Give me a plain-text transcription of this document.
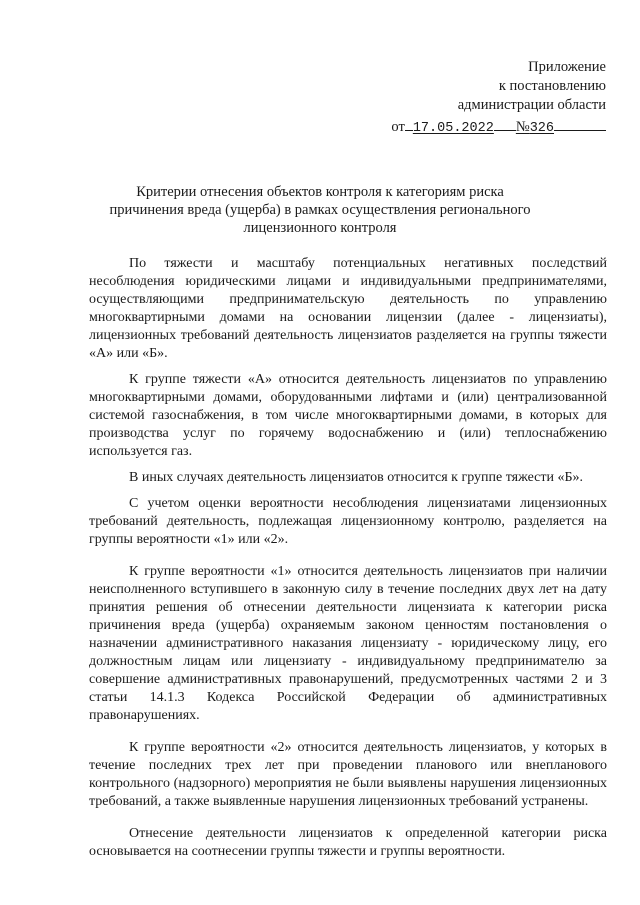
Приложение
к постановлению
администрации области
от 17.05.2022 №326
Критерии отнесения объектов контроля к категориям риска
причинения вреда (ущерба) в рамках осуществления регионального
лицензионного контроля

По тяжести и масштабу потенциальных негативных последствий несоблюдения юридическими лицами и индивидуальными предпринимателями, осуществляющими предпринимательскую деятельность по управлению многоквартирными домами на основании лицензии (далее - лицензиаты), лицензионных требований деятельность лицензиатов разделяется на группы тяжести «А» или «Б».

К группе тяжести «А» относится деятельность лицензиатов по управлению многоквартирными домами, оборудованными лифтами и (или) централизованной системой газоснабжения, в том числе многоквартирными домами, в которых для производства услуг по горячему водоснабжению и (или) теплоснабжению используется газ.

В иных случаях деятельность лицензиатов относится к группе тяжести «Б».

С учетом оценки вероятности несоблюдения лицензиатами лицензионных требований деятельность, подлежащая лицензионному контролю, разделяется на группы вероятности «1» или «2».

К группе вероятности «1» относится деятельность лицензиатов при наличии неисполненного вступившего в законную силу в течение последних двух лет на дату принятия решения об отнесении деятельности лицензиата к категории риска причинения вреда (ущерба) охраняемым законом ценностям постановления о назначении административного наказания лицензиату - юридическому лицу, его должностным лицам или лицензиату - индивидуальному предпринимателю за совершение административных правонарушений, предусмотренных частями 2 и 3 статьи 14.1.3 Кодекса Российской Федерации об административных правонарушениях.

К группе вероятности «2» относится деятельность лицензиатов, у которых в течение последних трех лет при проведении планового или внепланового контрольного (надзорного) мероприятия не были выявлены нарушения лицензионных требований, а также выявленные нарушения лицензионных требований устранены.

Отнесение деятельности лицензиатов к определенной категории риска основывается на соотнесении группы тяжести и группы вероятности.
